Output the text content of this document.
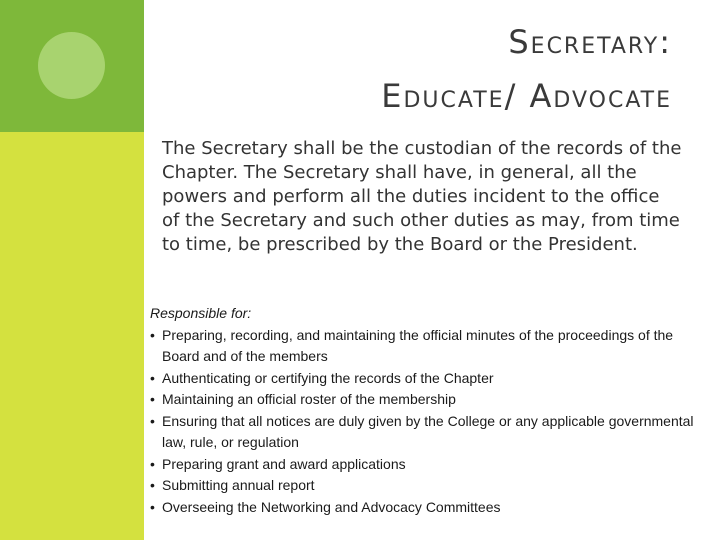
SECRETARY:
EDUCATE/ ADVOCATE
The Secretary shall be the custodian of the records of the Chapter. The Secretary shall have, in general, all the powers and perform all the duties incident to the office of the Secretary and such other duties as may, from time to time, be prescribed by the Board or the President.
Responsible for:
• Preparing, recording, and maintaining the official minutes of the proceedings of the Board and of the members
• Authenticating or certifying the records of the Chapter
• Maintaining an official roster of the membership
• Ensuring that all notices are duly given by the College or any applicable governmental law, rule, or regulation
• Preparing grant and award applications
• Submitting annual report
• Overseeing the Networking and Advocacy Committees
